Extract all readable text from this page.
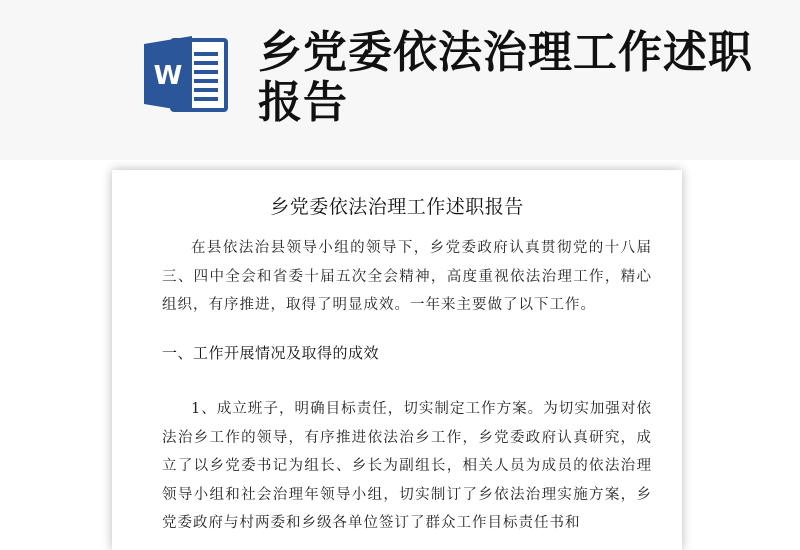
W 乡党委依法治理工作述职报告
乡党委依法治理工作述职报告

在县依法治县领导小组的领导下，乡党委政府认真贯彻党的十八届三、四中全会和省委十届五次全会精神，高度重视依法治理工作，精心组织，有序推进，取得了明显成效。一年来主要做了以下工作。

一、工作开展情况及取得的成效

1、成立班子，明确目标责任，切实制定工作方案。为切实加强对依法治乡工作的领导，有序推进依法治乡工作，乡党委政府认真研究，成立了以乡党委书记为组长、乡长为副组长，相关人员为成员的依法治理领导小组和社会治理年领导小组，切实制订了乡依法治理实施方案，乡党委政府与村两委和乡级各单位签订了群众工作目标责任书和
